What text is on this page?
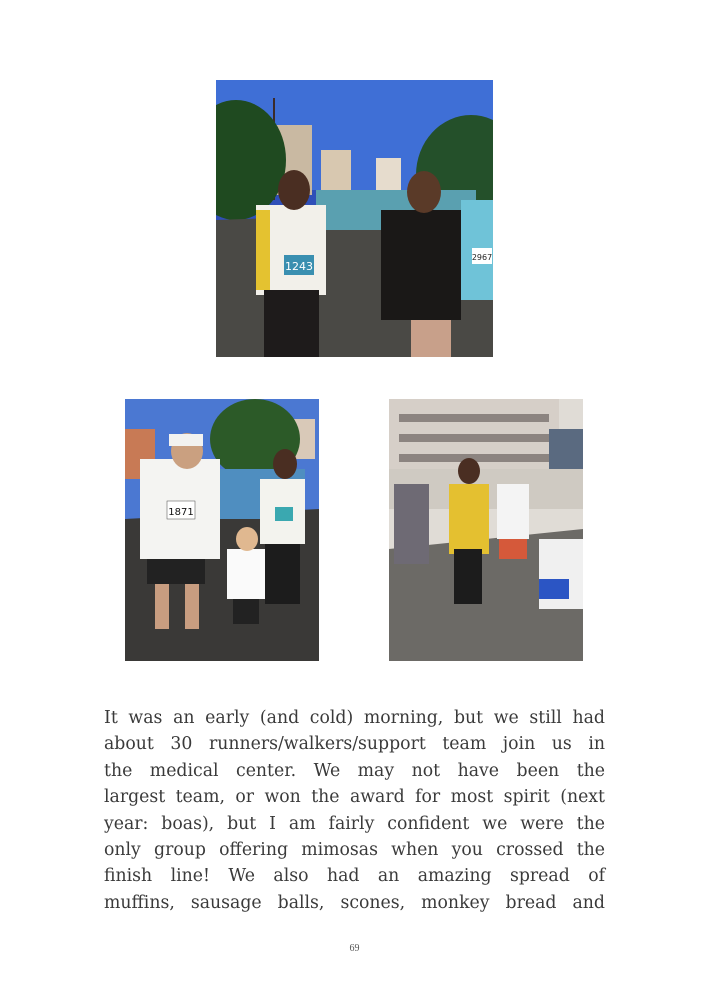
1243
2967
1871
It was an early (and cold) morning, but we still had
about 30 runners/walkers/support team join us in
the medical center. We may not have been the
largest team, or won the award for most spirit (next
year: boas), but I am fairly confident we were the
only group offering mimosas when you crossed the
finish line! We also had an amazing spread of
muffins, sausage balls, scones, monkey bread and
69
